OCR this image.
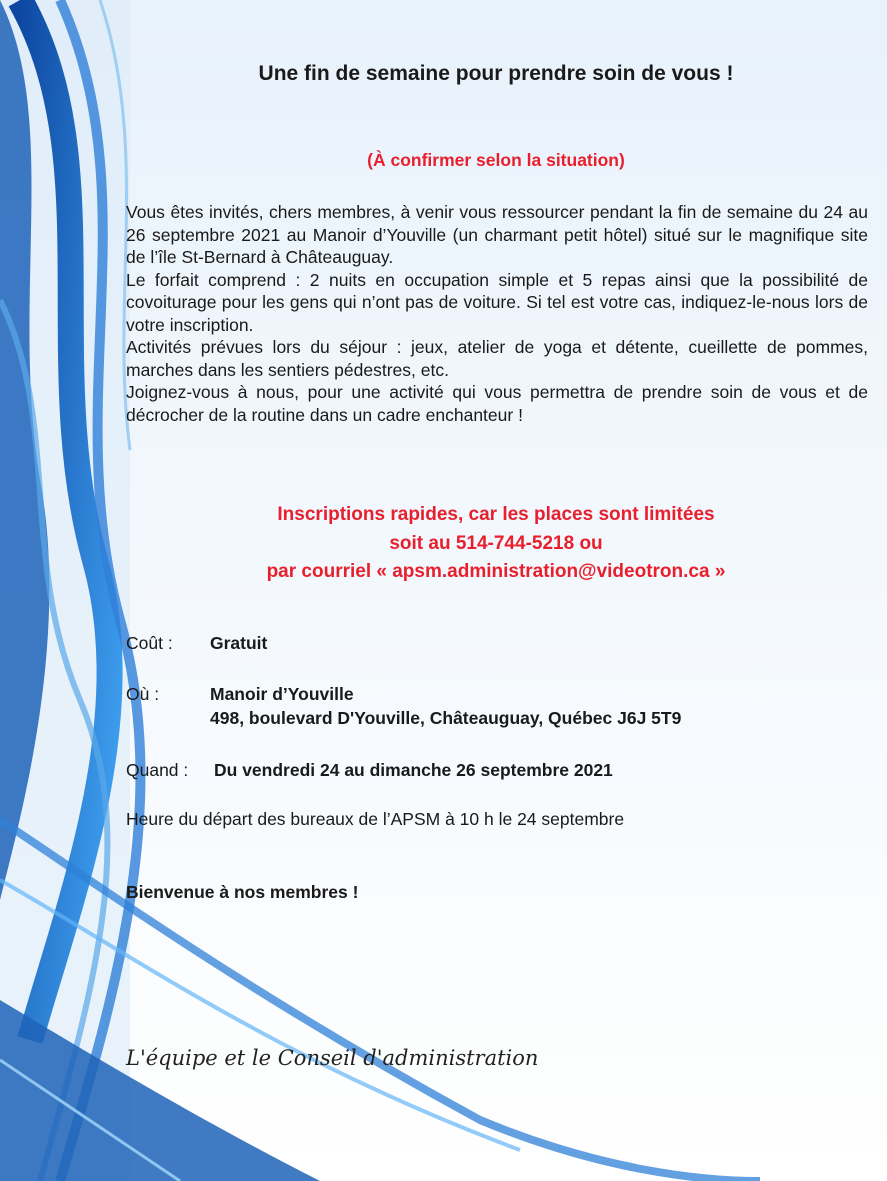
Une fin de semaine pour prendre soin de vous !
(À confirmer selon la situation)

Vous êtes invités, chers membres, à venir vous ressourcer pendant la fin de semaine du 24 au 26 septembre 2021 au Manoir d’Youville (un charmant petit hôtel) situé sur le magnifique site de l’île St-Bernard à Châteauguay.

Le forfait comprend : 2 nuits en occupation simple et 5 repas ainsi que la possibilité de covoiturage pour les gens qui n’ont pas de voiture. Si tel est votre cas, indiquez-le-nous lors de votre inscription.

Activités prévues lors du séjour : jeux, atelier de yoga et détente, cueillette de pommes, marches dans les sentiers pédestres, etc.

Joignez-vous à nous, pour une activité qui vous permettra de prendre soin de vous et de décrocher de la routine dans un cadre enchanteur !

Inscriptions rapides, car les places sont limitées
soit au 514-744-5218 ou
par courriel « apsm.administration@videotron.ca »
Coût : Gratuit
Où :	Manoir d’Youville
498, boulevard D'Youville, Châteauguay, Québec J6J 5T9
Quand : Du vendredi 24 au dimanche 26 septembre 2021
Heure du départ des bureaux de l’APSM à 10 h le 24 septembre
Bienvenue à nos membres !
L'équipe et le Conseil d'administration
